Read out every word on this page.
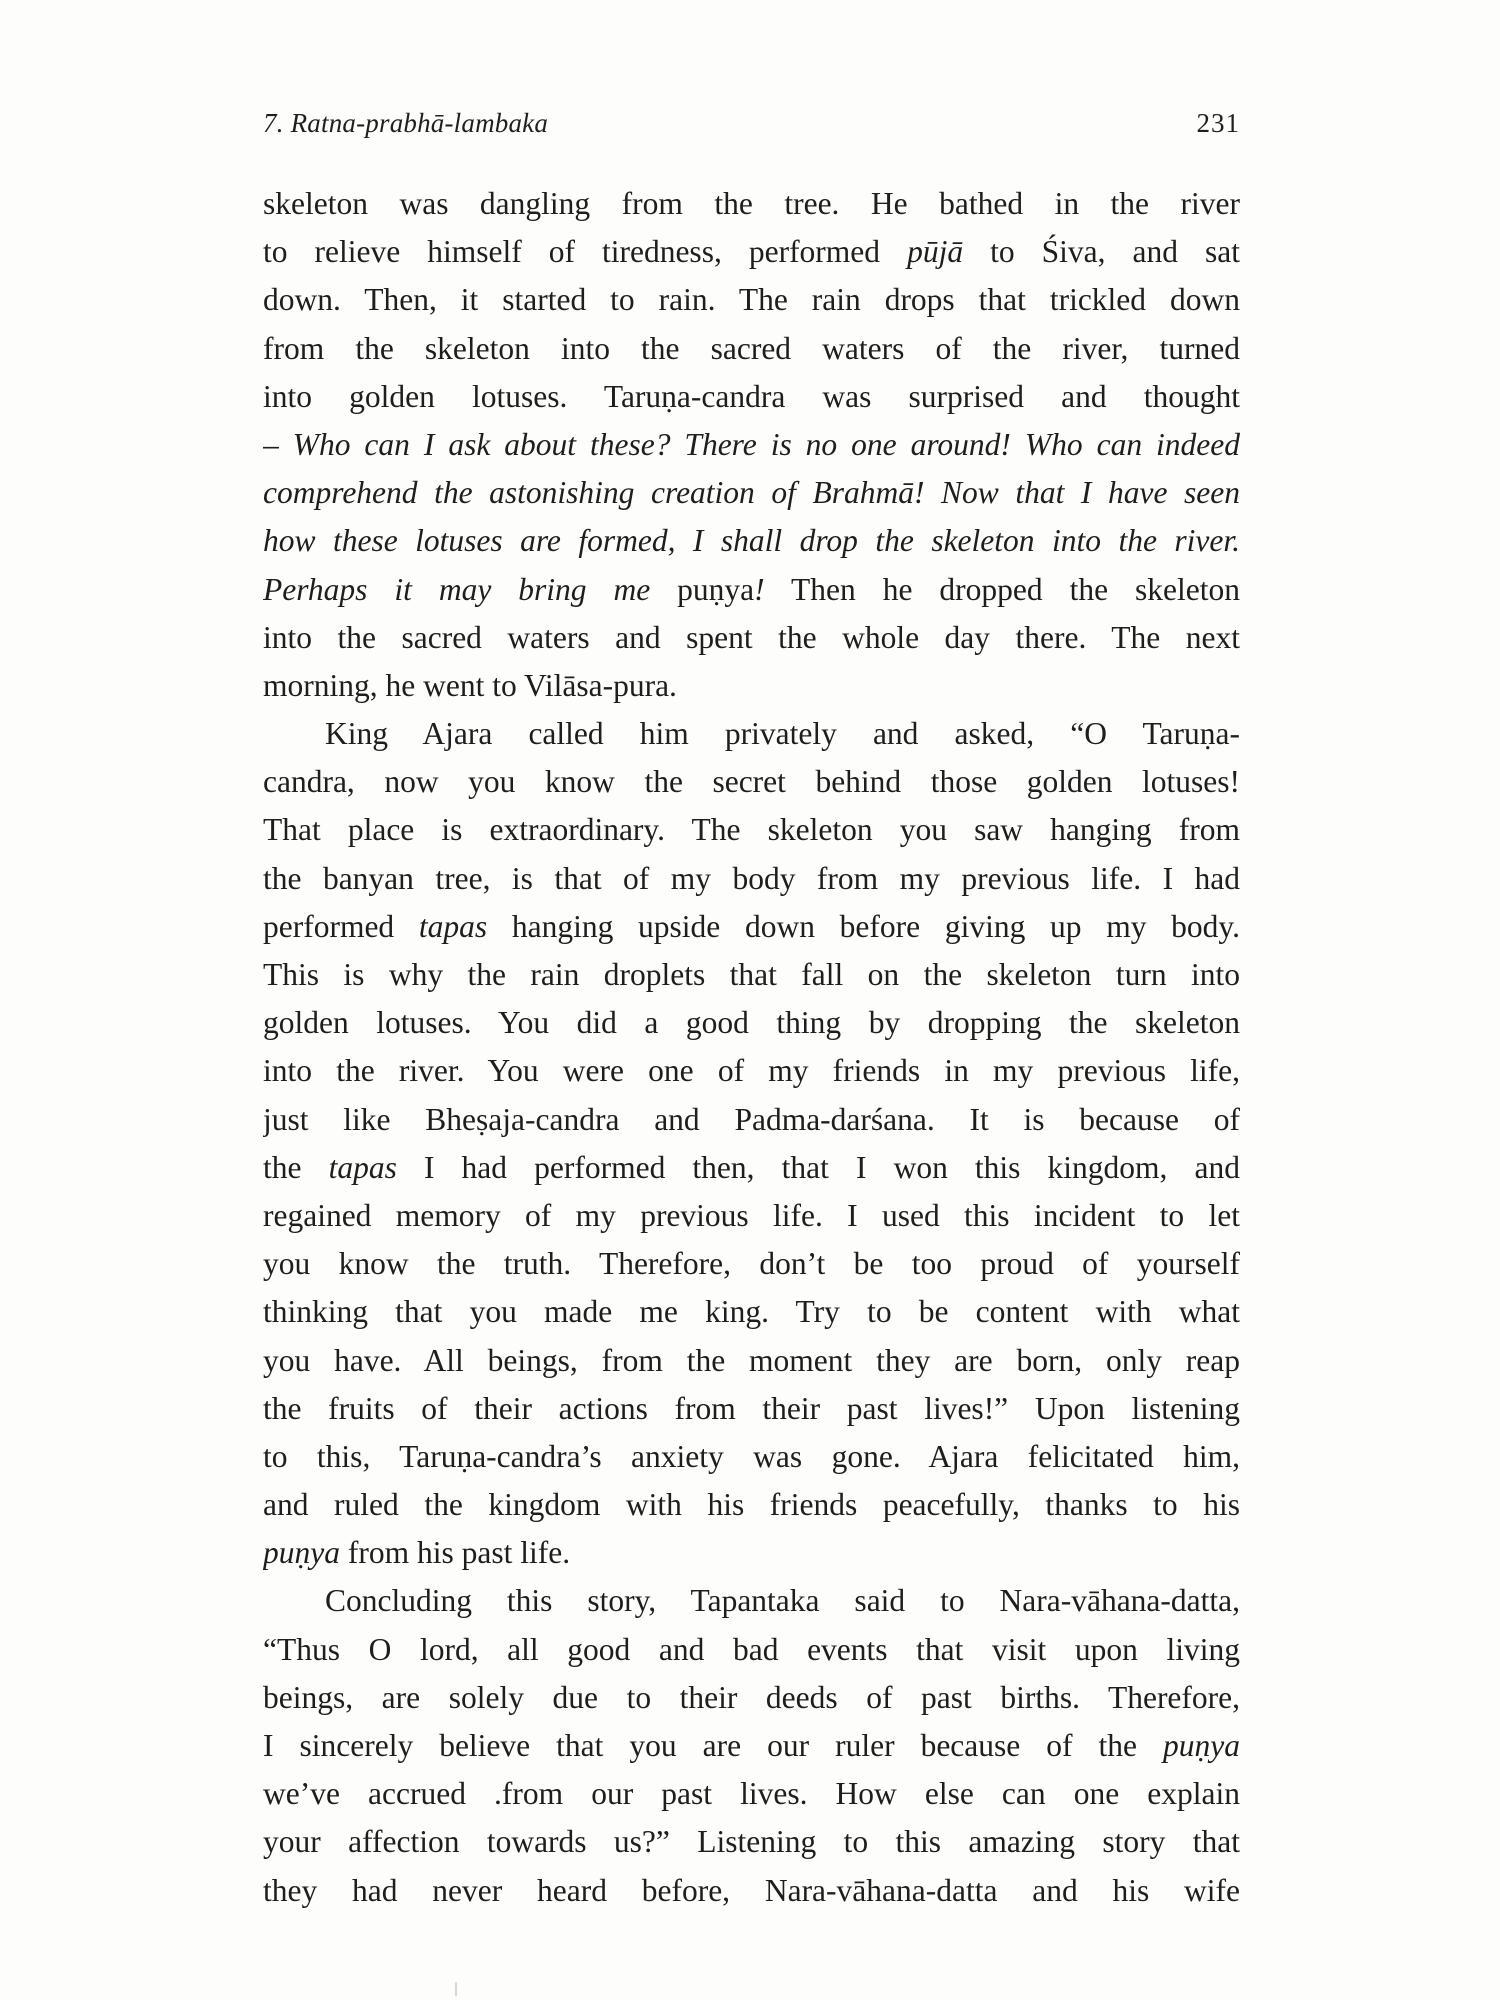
7. Ratna-prabhā-lambaka	231
skeleton was dangling from the tree. He bathed in the river
to relieve himself of tiredness, performed pūjā to Śiva, and sat
down. Then, it started to rain. The rain drops that trickled down
from the skeleton into the sacred waters of the river, turned
into golden lotuses. Taruṇa-candra was surprised and thought
– Who can I ask about these? There is no one around! Who can indeed
comprehend the astonishing creation of Brahmā! Now that I have seen
how these lotuses are formed, I shall drop the skeleton into the river.
Perhaps it may bring me puṇya! Then he dropped the skeleton
into the sacred waters and spent the whole day there. The next
morning, he went to Vilāsa-pura.
King Ajara called him privately and asked, “O Taruṇa-
candra, now you know the secret behind those golden lotuses!
That place is extraordinary. The skeleton you saw hanging from
the banyan tree, is that of my body from my previous life. I had
performed tapas hanging upside down before giving up my body.
This is why the rain droplets that fall on the skeleton turn into
golden lotuses. You did a good thing by dropping the skeleton
into the river. You were one of my friends in my previous life,
just like Bheṣaja-candra and Padma-darśana. It is because of
the tapas I had performed then, that I won this kingdom, and
regained memory of my previous life. I used this incident to let
you know the truth. Therefore, don’t be too proud of yourself
thinking that you made me king. Try to be content with what
you have. All beings, from the moment they are born, only reap
the fruits of their actions from their past lives!” Upon listening
to this, Taruṇa-candra’s anxiety was gone. Ajara felicitated him,
and ruled the kingdom with his friends peacefully, thanks to his
puṇya from his past life.
Concluding this story, Tapantaka said to Nara-vāhana-datta,
“Thus O lord, all good and bad events that visit upon living
beings, are solely due to their deeds of past births. Therefore,
I sincerely believe that you are our ruler because of the puṇya
we’ve accrued .from our past lives. How else can one explain
your affection towards us?” Listening to this amazing story that
they had never heard before, Nara-vāhana-datta and his wife
